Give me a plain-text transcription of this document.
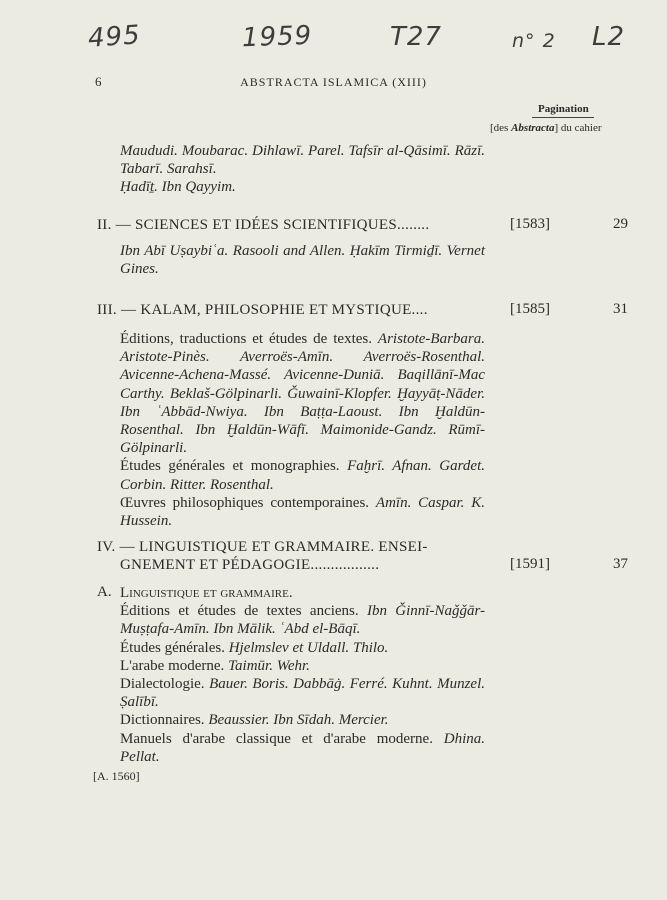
495	1959	T27	n° 2 L2
6	ABSTRACTA ISLAMICA (XIII)
Pagination
[des Abstracta] du cahier

Maududi. Moubarac. Dihlawī. Parel. Tafsīr al-Qāsimī. Rāzī. Tabarī. Sarahsī.

Ḥadīṯ. Ibn Qayyim.

II. — SCIENCES ET IDÉES SCIENTIFIQUES........	[1583]	29

Ibn Abī Uṣaybiʿa. Rasooli and Allen. Ḥakīm Tirmiḏī. Vernet Gines.

III. — KALAM, PHILOSOPHIE ET MYSTIQUE....	[1585]	31

Éditions, traductions et études de textes. Aristote-Barbara. Aristote-Pinès. Averroës-Amīn. Averroës-Rosenthal. Avicenne-Achena-Massé. Avicenne-Duniā. Baqillānī-Mac Carthy. Beklaš-Gölpinarli. Ǧuwainī-Klopfer. Ḫayyāṭ-Nāder. Ibn ʿAbbād-Nwiya. Ibn Baṭṭa-Laoust. Ibn Ḫaldūn-Rosenthal. Ibn Ḫaldūn-Wāfī. Maimonide-Gandz. Rūmī-Gölpinarli.

Études générales et monographies. Faḫrī. Afnan. Gardet. Corbin. Ritter. Rosenthal.

Œuvres philosophiques contemporaines. Amīn. Caspar. K. Hussein.

IV. — LINGUISTIQUE ET GRAMMAIRE. ENSEI-
GNEMENT ET PÉDAGOGIE.................	[1591]	37
A. Linguistique et grammaire.

Éditions et études de textes anciens. Ibn Ǧinnī-Naǧǧār-Muṣṭafa-Amīn. Ibn Mālik. ʿAbd el-Bāqī.

Études générales. Hjelmslev et Uldall. Thilo.

L'arabe moderne. Taimūr. Wehr.

Dialectologie. Bauer. Boris. Dabbāġ. Ferré. Kuhnt. Munzel. Ṣalībī.

Dictionnaires. Beaussier. Ibn Sīdah. Mercier.

Manuels d'arabe classique et d'arabe moderne. Dhina. Pellat.

[A. 1560]
